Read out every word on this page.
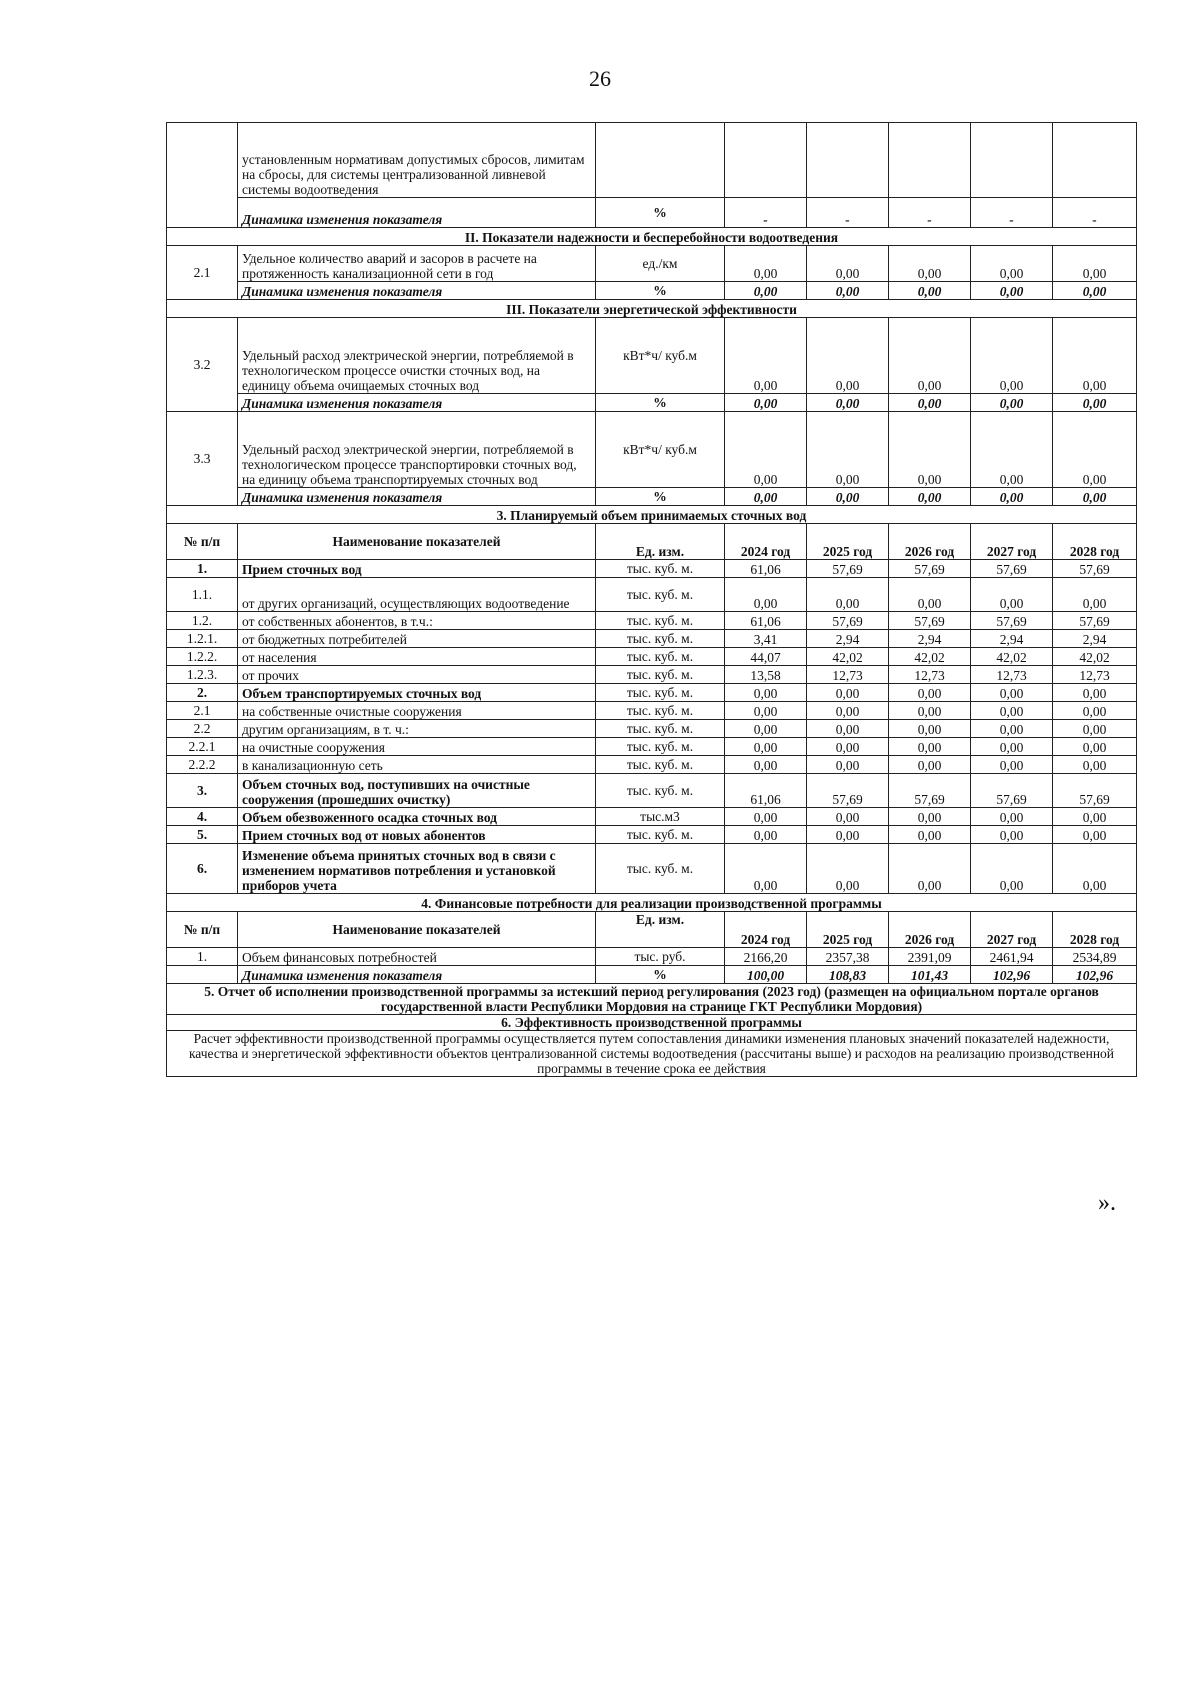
26
	установленным нормативам допустимых сбросов, лимитам на сбросы, для системы централизованной ливневой системы водоотведения						
	Динамика изменения показателя	%	-	-	-	-	-
II. Показатели надежности и бесперебойности водоотведения							
2.1	Удельное количество аварий и засоров в расчете на протяженность канализационной сети в год	ед./км	0,00	0,00	0,00	0,00	0,00
	Динамика изменения показателя	%	0,00	0,00	0,00	0,00	0,00
III. Показатели энергетической эффективности							
3.2	Удельный расход электрической энергии, потребляемой в технологическом процессе очистки сточных вод, на единицу объема очищаемых сточных вод	кВт*ч/ куб.м	0,00	0,00	0,00	0,00	0,00
	Динамика изменения показателя	%	0,00	0,00	0,00	0,00	0,00
3.3	Удельный расход электрической энергии, потребляемой в технологическом процессе транспортировки сточных вод, на единицу объема транспортируемых сточных вод	кВт*ч/ куб.м	0,00	0,00	0,00	0,00	0,00
	Динамика изменения показателя	%	0,00	0,00	0,00	0,00	0,00
3. Планируемый объем принимаемых сточных вод							
№ п/п	Наименование показателей	Ед. изм.	2024 год	2025 год	2026 год	2027 год	2028 год
1.	Прием сточных вод	тыс. куб. м.	61,06	57,69	57,69	57,69	57,69
1.1.	от других организаций, осуществляющих водоотведение	тыс. куб. м.	0,00	0,00	0,00	0,00	0,00
1.2.	от собственных абонентов, в т.ч.:	тыс. куб. м.	61,06	57,69	57,69	57,69	57,69
1.2.1.	от бюджетных потребителей	тыс. куб. м.	3,41	2,94	2,94	2,94	2,94
1.2.2.	от населения	тыс. куб. м.	44,07	42,02	42,02	42,02	42,02
1.2.3.	от прочих	тыс. куб. м.	13,58	12,73	12,73	12,73	12,73
2.	Объем транспортируемых сточных вод	тыс. куб. м.	0,00	0,00	0,00	0,00	0,00
2.1	на собственные очистные сооружения	тыс. куб. м.	0,00	0,00	0,00	0,00	0,00
2.2	другим организациям, в т. ч.:	тыс. куб. м.	0,00	0,00	0,00	0,00	0,00
2.2.1	на очистные сооружения	тыс. куб. м.	0,00	0,00	0,00	0,00	0,00
2.2.2	в канализационную сеть	тыс. куб. м.	0,00	0,00	0,00	0,00	0,00
3.	Объем сточных вод, поступивших на очистные сооружения (прошедших очистку)	тыс. куб. м.	61,06	57,69	57,69	57,69	57,69
4.	Объем обезвоженного осадка сточных вод	тыс.м3	0,00	0,00	0,00	0,00	0,00
5.	Прием сточных вод от новых абонентов	тыс. куб. м.	0,00	0,00	0,00	0,00	0,00
6.	Изменение объема принятых сточных вод в связи с изменением нормативов потребления и установкой приборов учета	тыс. куб. м.	0,00	0,00	0,00	0,00	0,00
4. Финансовые потребности для реализации производственной программы							
№ п/п	Наименование показателей	Ед. изм.	2024 год	2025 год	2026 год	2027 год	2028 год
1.	Объем финансовых потребностей	тыс. руб.	2166,20	2357,38	2391,09	2461,94	2534,89
	Динамика изменения показателя	%	100,00	108,83	101,43	102,96	102,96
5. Отчет об исполнении производственной программы за истекший период регулирования (2023 год) (размещен на официальном портале органов государственной власти Республики Мордовия на странице ГКТ Республики Мордовия)							
6. Эффективность производственной программы							
Расчет эффективности производственной программы осуществляется путем сопоставления динамики изменения плановых значений показателей надежности, качества и энергетической эффективности объектов централизованной системы водоотведения (рассчитаны выше) и расходов на реализацию производственной программы в течение срока ее действия							
».
